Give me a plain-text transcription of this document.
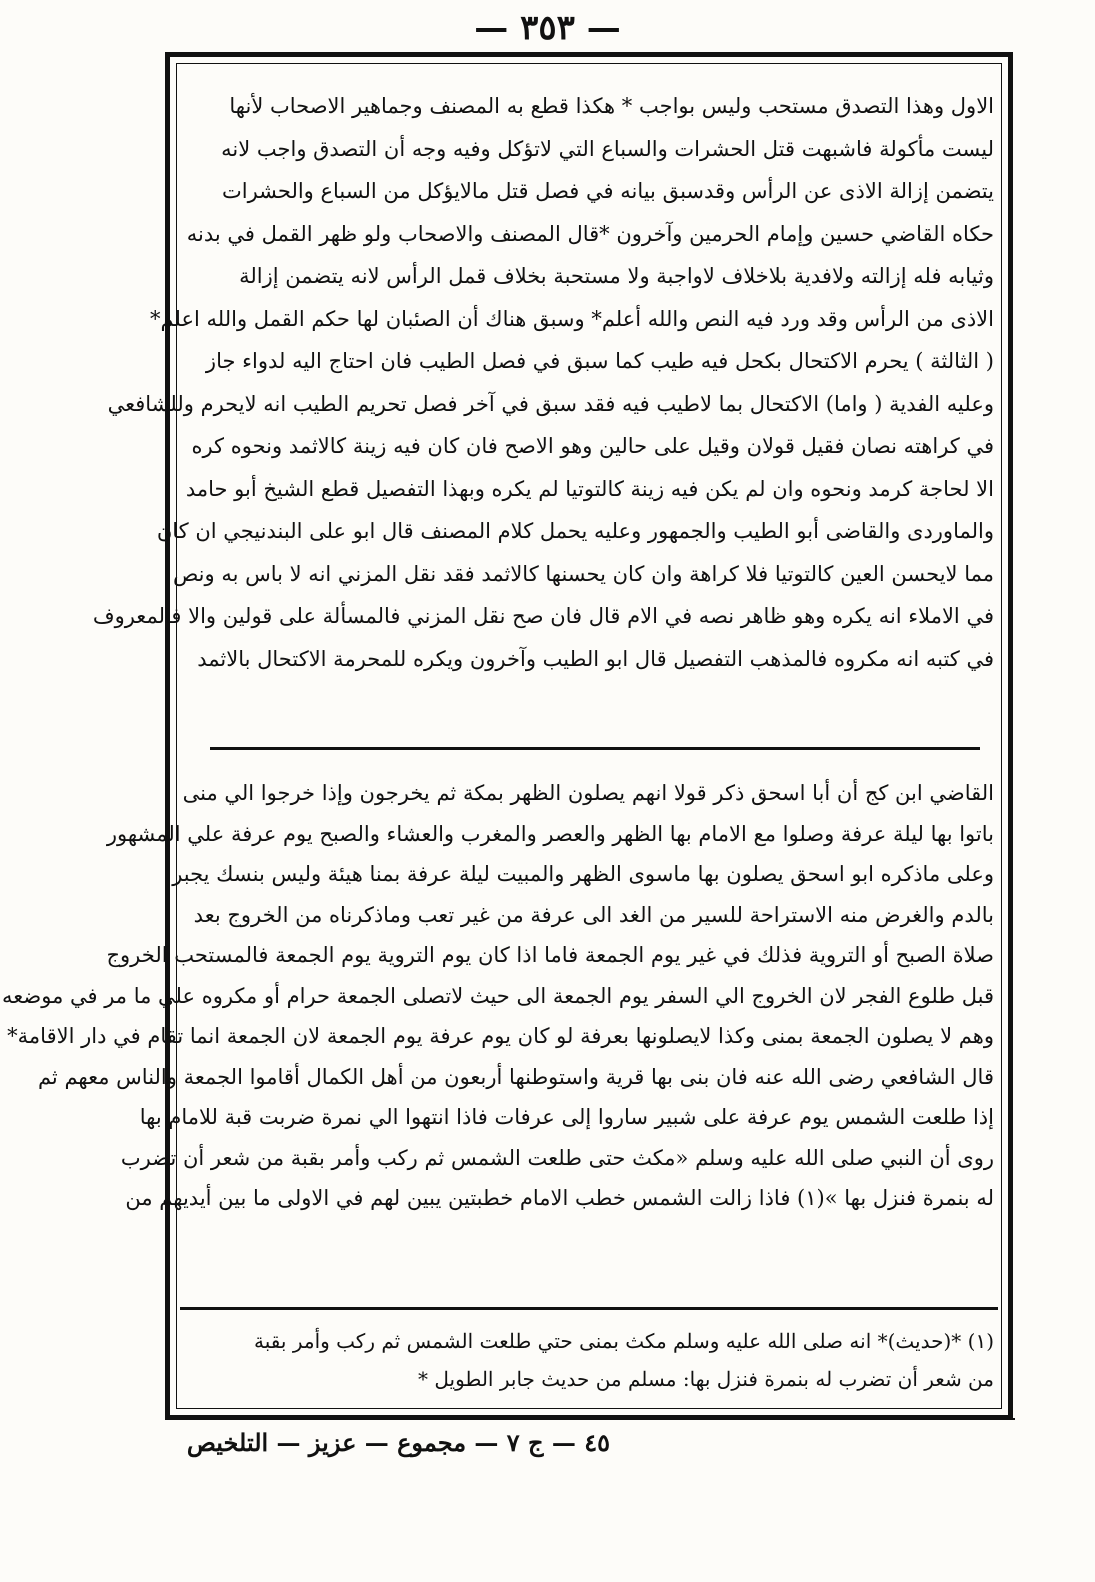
— ٣٥٣ —
الاول وهذا التصدق مستحب وليس بواجب * هكذا قطع به المصنف وجماهير الاصحاب لأنها
ليست مأكولة فاشبهت قتل الحشرات والسباع التي لاتؤكل وفيه وجه أن التصدق واجب لانه
يتضمن إزالة الاذى عن الرأس وقدسبق بيانه في فصل قتل مالايؤكل من السباع والحشرات
حكاه القاضي حسين وإمام الحرمين وآخرون *قال المصنف والاصحاب ولو ظهر القمل في بدنه
وثيابه فله إزالته ولافدية بلاخلاف لاواجبة ولا مستحبة بخلاف قمل الرأس لانه يتضمن إزالة
الاذى من الرأس وقد ورد فيه النص والله أعلم* وسبق هناك أن الصئبان لها حكم القمل والله اعلم*
( الثالثة ) يحرم الاكتحال بكحل فيه طيب كما سبق في فصل الطيب فان احتاج اليه لدواء جاز
وعليه الفدية ( واما) الاكتحال بما لاطيب فيه فقد سبق في آخر فصل تحريم الطيب انه لايحرم وللشافعي
في كراهته نصان فقيل قولان وقيل على حالين وهو الاصح فان كان فيه زينة كالاثمد ونحوه كره
الا لحاجة كرمد ونحوه وان لم يكن فيه زينة كالتوتيا لم يكره وبهذا التفصيل قطع الشيخ أبو حامد
والماوردى والقاضى أبو الطيب والجمهور وعليه يحمل كلام المصنف قال ابو على البندنيجي ان كان
مما لايحسن العين كالتوتيا فلا كراهة وان كان يحسنها كالاثمد فقد نقل المزني انه لا باس به ونص
في الاملاء انه يكره وهو ظاهر نصه في الام قال فان صح نقل المزني فالمسألة على قولين والا فالمعروف
في كتبه انه مكروه فالمذهب التفصيل قال ابو الطيب وآخرون ويكره للمحرمة الاكتحال بالاثمد
القاضي ابن كج أن أبا اسحق ذكر قولا انهم يصلون الظهر بمكة ثم يخرجون وإذا خرجوا الي منى
باتوا بها ليلة عرفة وصلوا مع الامام بها الظهر والعصر والمغرب والعشاء والصبح يوم عرفة علي المشهور
وعلى ماذكره ابو اسحق يصلون بها ماسوى الظهر والمبيت ليلة عرفة بمنا هيئة وليس بنسك يجبر
بالدم والغرض منه الاستراحة للسير من الغد الى عرفة من غير تعب وماذكرناه من الخروج بعد
صلاة الصبح أو التروية فذلك في غير يوم الجمعة فاما اذا كان يوم التروية يوم الجمعة فالمستحب الخروج
قبل طلوع الفجر لان الخروج الي السفر يوم الجمعة الى حيث لاتصلى الجمعة حرام أو مكروه علي ما مر في موضعه
وهم لا يصلون الجمعة بمنى وكذا لايصلونها بعرفة لو كان يوم عرفة يوم الجمعة لان الجمعة انما تقام في دار الاقامة*
قال الشافعي رضى الله عنه فان بنى بها قرية واستوطنها أربعون من أهل الكمال أقاموا الجمعة والناس معهم ثم
إذا طلعت الشمس يوم عرفة على شبير ساروا إلى عرفات فاذا انتهوا الي نمرة ضربت قبة للامام بها
روى أن النبي صلى الله عليه وسلم «مكث حتى طلعت الشمس ثم ركب وأمر بقبة من شعر أن تضرب
له بنمرة فنزل بها »(١) فاذا زالت الشمس خطب الامام خطبتين يبين لهم في الاولى ما بين أيديهم من
(١) *(حديث)* انه صلى الله عليه وسلم مكث بمنى حتي طلعت الشمس ثم ركب وأمر بقبة
من شعر أن تضرب له بنمرة فنزل بها: مسلم من حديث جابر الطويل *
٤٥ — ج ٧ — مجموع — عزيز — التلخيص
